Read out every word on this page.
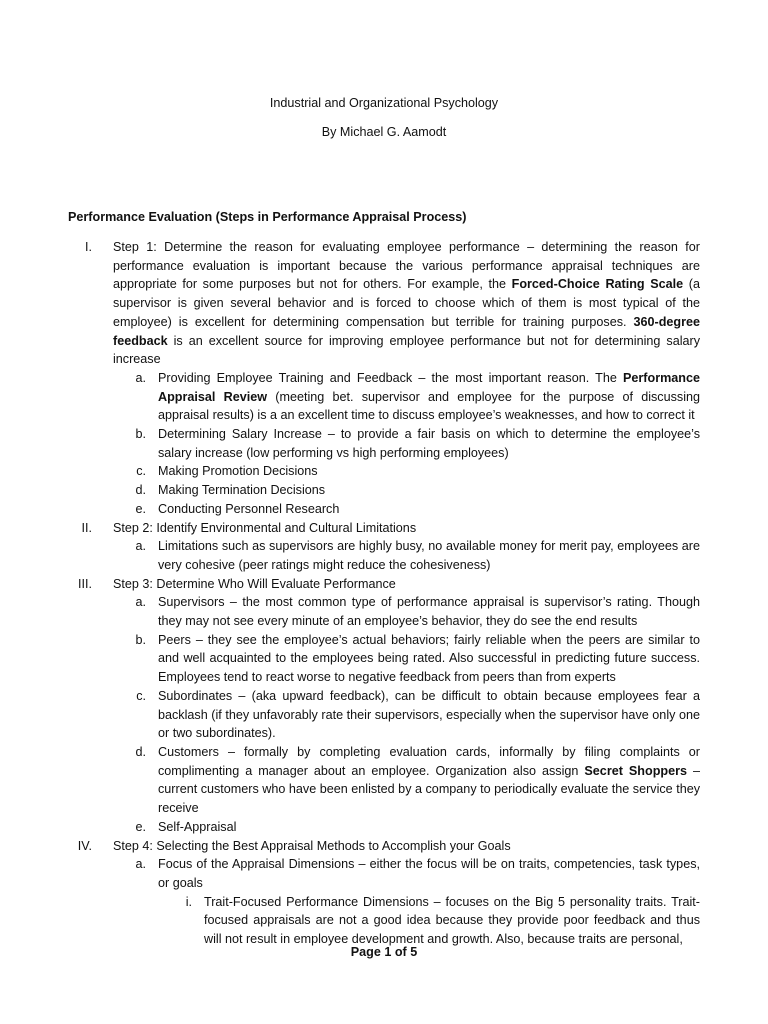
Industrial and Organizational Psychology
By Michael G. Aamodt
Performance Evaluation (Steps in Performance Appraisal Process)
I. Step 1: Determine the reason for evaluating employee performance – determining the reason for performance evaluation is important because the various performance appraisal techniques are appropriate for some purposes but not for others. For example, the Forced-Choice Rating Scale (a supervisor is given several behavior and is forced to choose which of them is most typical of the employee) is excellent for determining compensation but terrible for training purposes. 360-degree feedback is an excellent source for improving employee performance but not for determining salary increase
a. Providing Employee Training and Feedback – the most important reason. The Performance Appraisal Review (meeting bet. supervisor and employee for the purpose of discussing appraisal results) is a an excellent time to discuss employee’s weaknesses, and how to correct it
b. Determining Salary Increase – to provide a fair basis on which to determine the employee’s salary increase (low performing vs high performing employees)
c. Making Promotion Decisions
d. Making Termination Decisions
e. Conducting Personnel Research
II. Step 2: Identify Environmental and Cultural Limitations
a. Limitations such as supervisors are highly busy, no available money for merit pay, employees are very cohesive (peer ratings might reduce the cohesiveness)
III. Step 3: Determine Who Will Evaluate Performance
a. Supervisors – the most common type of performance appraisal is supervisor’s rating. Though they may not see every minute of an employee’s behavior, they do see the end results
b. Peers – they see the employee’s actual behaviors; fairly reliable when the peers are similar to and well acquainted to the employees being rated. Also successful in predicting future success. Employees tend to react worse to negative feedback from peers than from experts
c. Subordinates – (aka upward feedback), can be difficult to obtain because employees fear a backlash (if they unfavorably rate their supervisors, especially when the supervisor have only one or two subordinates).
d. Customers – formally by completing evaluation cards, informally by filing complaints or complimenting a manager about an employee. Organization also assign Secret Shoppers – current customers who have been enlisted by a company to periodically evaluate the service they receive
e. Self-Appraisal
IV. Step 4: Selecting the Best Appraisal Methods to Accomplish your Goals
a. Focus of the Appraisal Dimensions – either the focus will be on traits, competencies, task types, or goals
i. Trait-Focused Performance Dimensions – focuses on the Big 5 personality traits. Trait-focused appraisals are not a good idea because they provide poor feedback and thus will not result in employee development and growth. Also, because traits are personal,
Page 1 of 5
